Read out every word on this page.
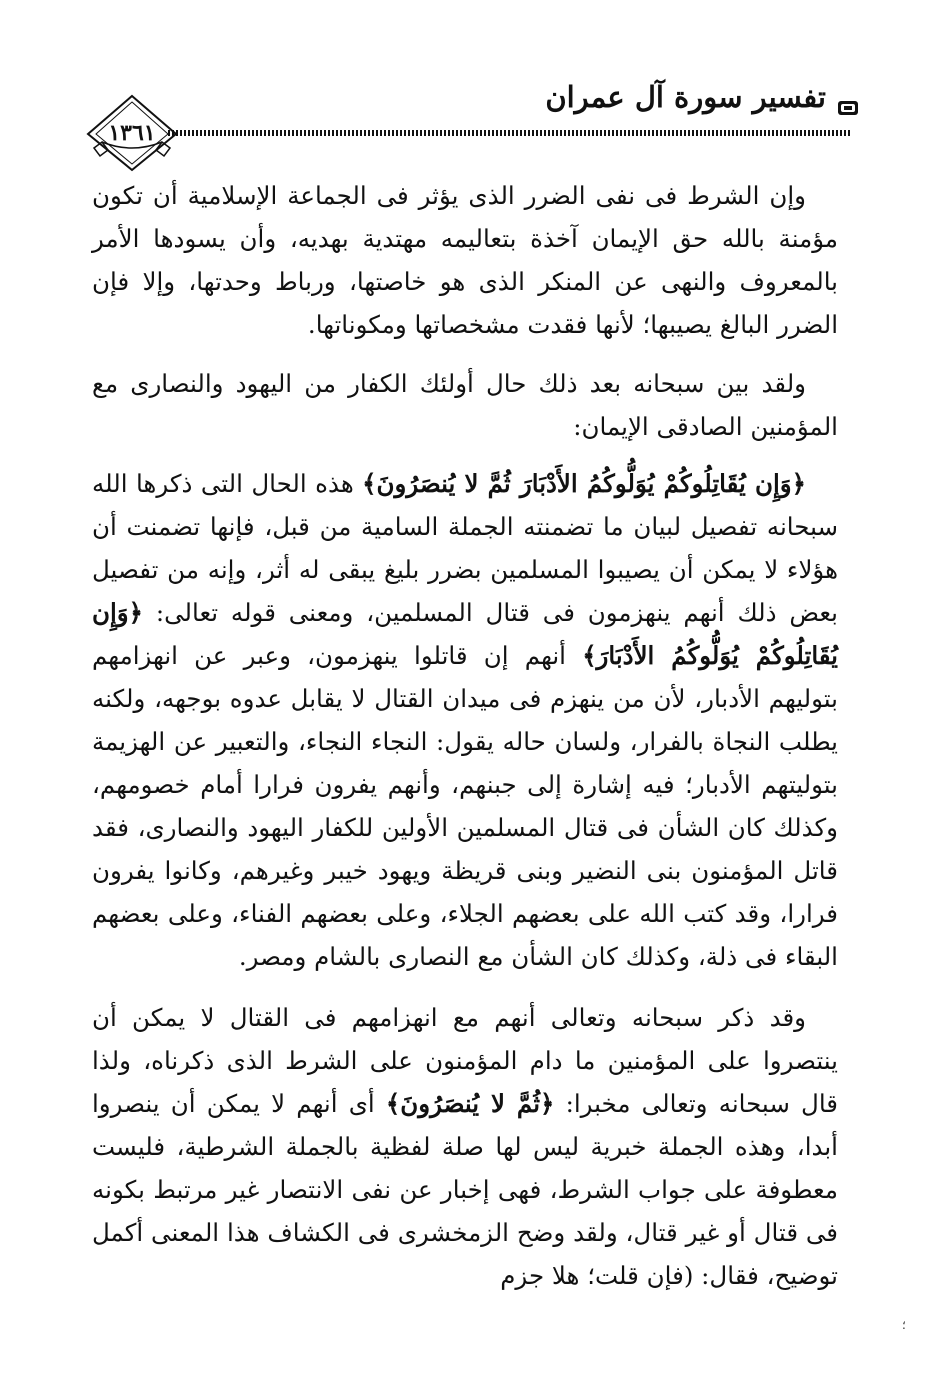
١٣٦١
تفسير سورة آل عمران

وإن الشرط فى نفى الضرر الذى يؤثر فى الجماعة الإسلامية أن تكون مؤمنة بالله حق الإيمان آخذة بتعاليمه مهتدية بهديه، وأن يسودها الأمر بالمعروف والنهى عن المنكر الذى هو خاصتها، ورباط وحدتها، وإلا فإن الضرر البالغ يصيبها؛ لأنها فقدت مشخصاتها ومكوناتها.

ولقد بين سبحانه بعد ذلك حال أولئك الكفار من اليهود والنصارى مع المؤمنين الصادقى الإيمان:

﴿وَإِن يُقَاتِلُوكُمْ يُوَلُّوكُمُ الأَدْبَارَ ثُمَّ لا يُنصَرُونَ﴾ هذه الحال التى ذكرها الله سبحانه تفصيل لبيان ما تضمنته الجملة السامية من قبل، فإنها تضمنت أن هؤلاء لا يمكن أن يصيبوا المسلمين بضرر بليغ يبقى له أثر، وإنه من تفصيل بعض ذلك أنهم ينهزمون فى قتال المسلمين، ومعنى قوله تعالى: ﴿وَإِن يُقَاتِلُوكُمْ يُوَلُّوكُمُ الأَدْبَارَ﴾ أنهم إن قاتلوا ينهزمون، وعبر عن انهزامهم بتوليهم الأدبار، لأن من ينهزم فى ميدان القتال لا يقابل عدوه بوجهه، ولكنه يطلب النجاة بالفرار، ولسان حاله يقول: النجاء النجاء، والتعبير عن الهزيمة بتوليتهم الأدبار؛ فيه إشارة إلى جبنهم، وأنهم يفرون فرارا أمام خصومهم، وكذلك كان الشأن فى قتال المسلمين الأولين للكفار اليهود والنصارى، فقد قاتل المؤمنون بنى النضير وبنى قريظة ويهود خيبر وغيرهم، وكانوا يفرون فرارا، وقد كتب الله على بعضهم الجلاء، وعلى بعضهم الفناء، وعلى بعضهم البقاء فى ذلة، وكذلك كان الشأن مع النصارى بالشام ومصر.

وقد ذكر سبحانه وتعالى أنهم مع انهزامهم فى القتال لا يمكن أن ينتصروا على المؤمنين ما دام المؤمنون على الشرط الذى ذكرناه، ولذا قال سبحانه وتعالى مخبرا: ﴿ثُمَّ لا يُنصَرُونَ﴾ أى أنهم لا يمكن أن ينصروا أبدا، وهذه الجملة خبرية ليس لها صلة لفظية بالجملة الشرطية، فليست معطوفة على جواب الشرط، فهى إخبار عن نفى الانتصار غير مرتبط بكونه فى قتال أو غير قتال، ولقد وضح الزمخشرى فى الكشاف هذا المعنى أكمل توضيح، فقال: (فإن قلت؛ هلا جزم

؛
